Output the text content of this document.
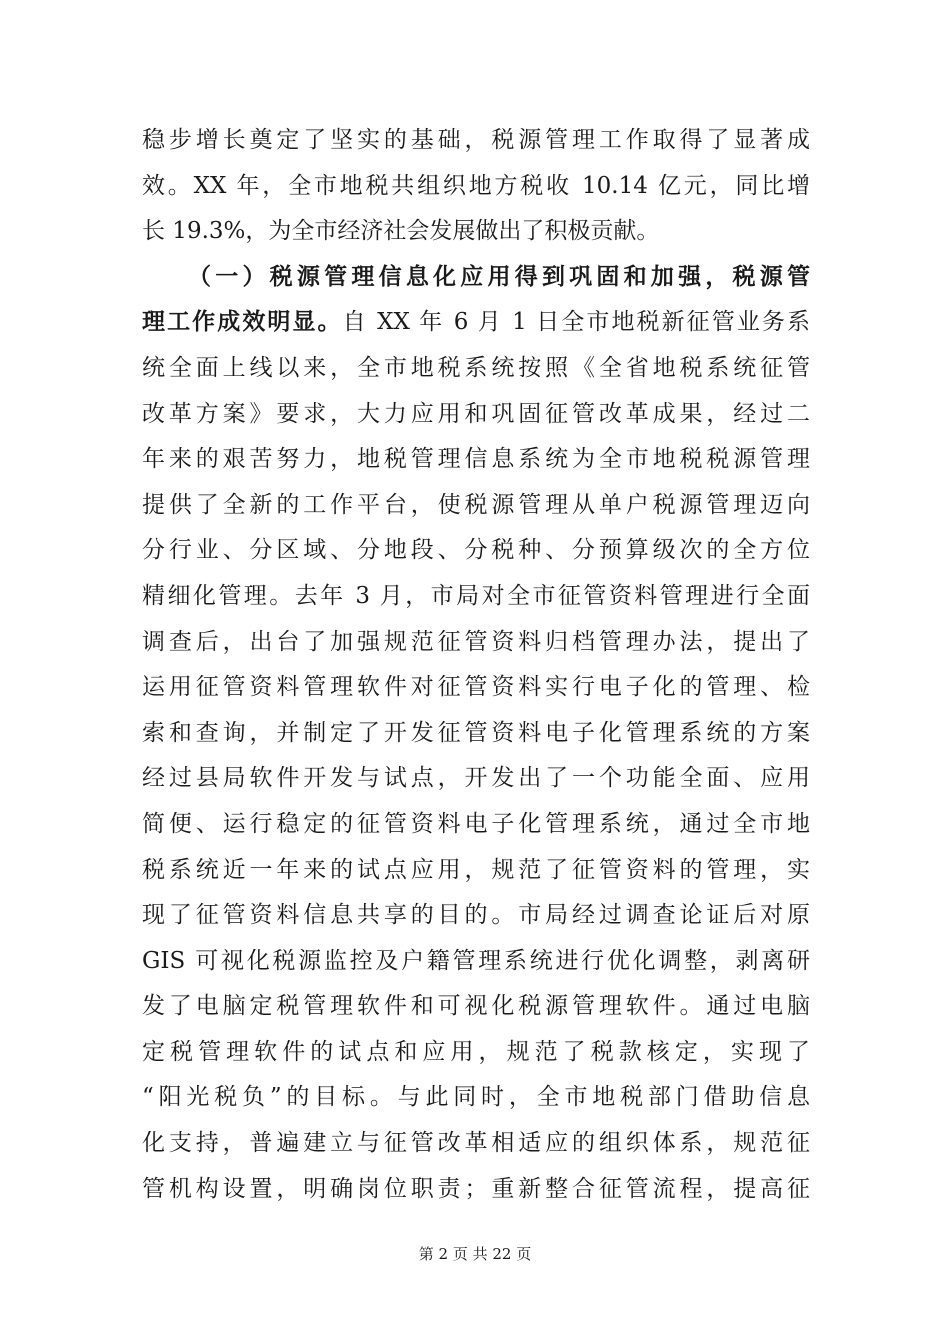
稳步增长奠定了坚实的基础，税源管理工作取得了显著成
效。XX 年，全市地税共组织地方税收 10.14 亿元，同比增
长 19.3%，为全市经济社会发展做出了积极贡献。
（一）税源管理信息化应用得到巩固和加强，税源管
理工作成效明显。自 XX 年 6 月 1 日全市地税新征管业务系
统全面上线以来，全市地税系统按照《全省地税系统征管
改革方案》要求，大力应用和巩固征管改革成果，经过二
年来的艰苦努力，地税管理信息系统为全市地税税源管理
提供了全新的工作平台，使税源管理从单户税源管理迈向
分行业、分区域、分地段、分税种、分预算级次的全方位
精细化管理。去年 3 月，市局对全市征管资料管理进行全面
调查后，出台了加强规范征管资料归档管理办法，提出了
运用征管资料管理软件对征管资料实行电子化的管理、检
索和查询，并制定了开发征管资料电子化管理系统的方案
经过县局软件开发与试点，开发出了一个功能全面、应用
简便、运行稳定的征管资料电子化管理系统，通过全市地
税系统近一年来的试点应用，规范了征管资料的管理，实
现了征管资料信息共享的目的。市局经过调查论证后对原
GIS 可视化税源监控及户籍管理系统进行优化调整，剥离研
发了电脑定税管理软件和可视化税源管理软件。通过电脑
定税管理软件的试点和应用，规范了税款核定，实现了
“阳光税负”的目标。与此同时，全市地税部门借助信息
化支持，普遍建立与征管改革相适应的组织体系，规范征
管机构设置，明确岗位职责；重新整合征管流程，提高征
第 2 页 共 22 页
